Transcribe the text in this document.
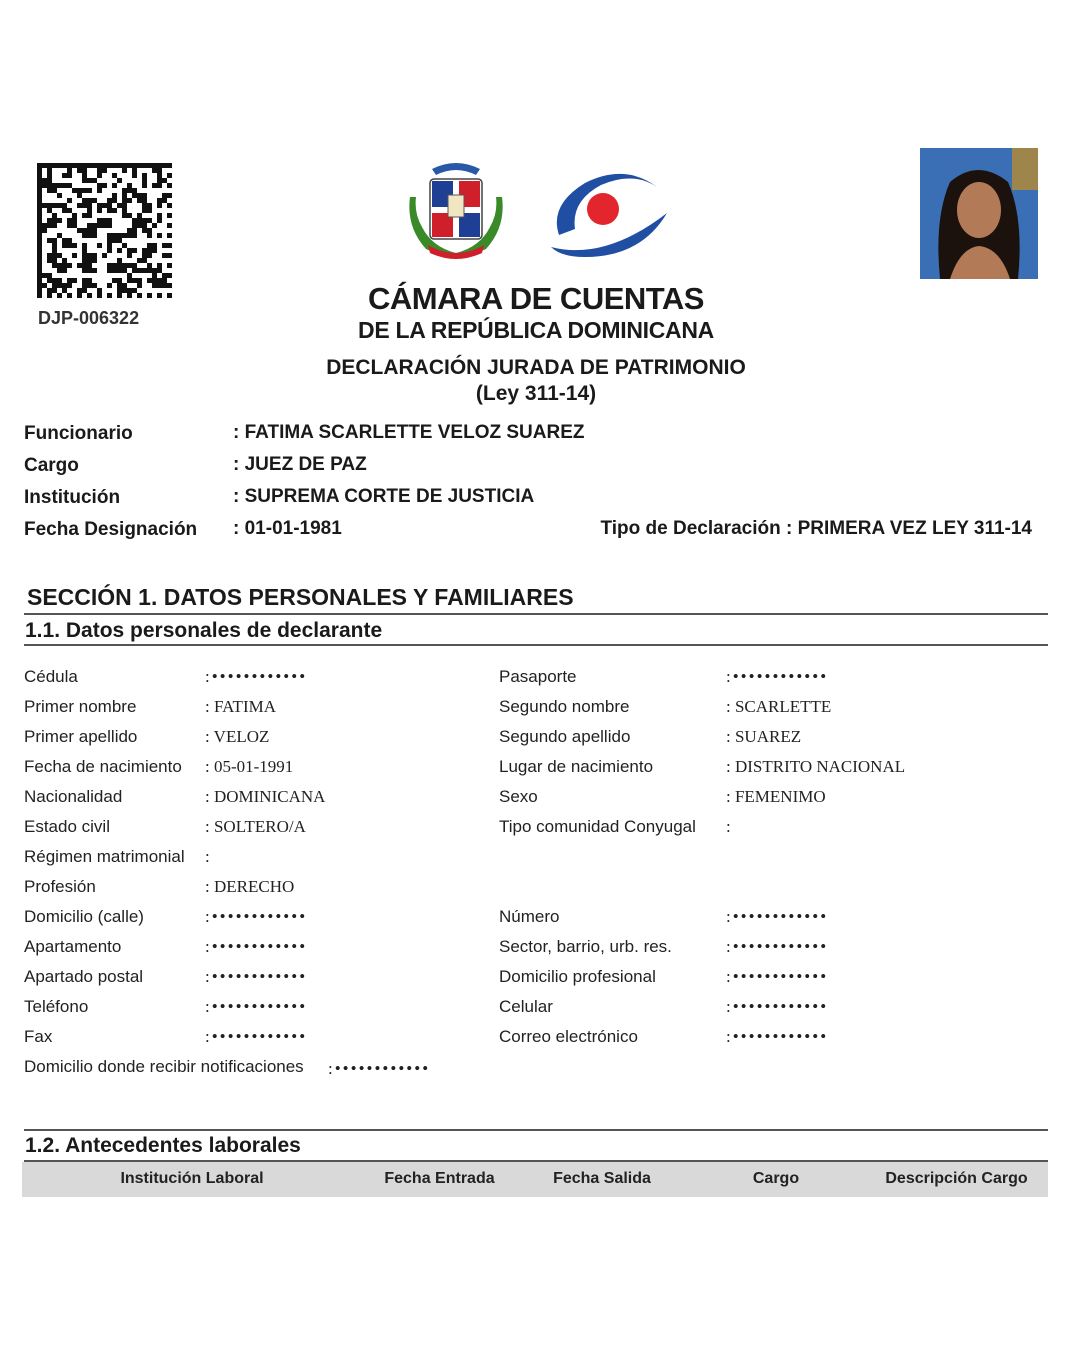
DJP-006322
CÁMARA DE CUENTAS
DE LA REPÚBLICA DOMINICANA
DECLARACIÓN JURADA DE PATRIMONIO
(Ley 311-14)
Funcionario	: FATIMA SCARLETTE VELOZ SUAREZ
Cargo	: JUEZ DE PAZ
Institución	: SUPREMA CORTE DE JUSTICIA
Fecha Designación : 01-01-1981	Tipo de Declaración : PRIMERA VEZ LEY 311-14
SECCIÓN 1. DATOS PERSONALES Y FAMILIARES
1.1. Datos personales de declarante
Cédula	:••••••••••••	Pasaporte	:••••••••••••
Primer nombre	: FATIMA	Segundo nombre	: SCARLETTE
Primer apellido	: VELOZ	Segundo apellido	: SUAREZ
Fecha de nacimiento : 05-01-1991	Lugar de nacimiento	: DISTRITO NACIONAL
Nacionalidad	: DOMINICANA	Sexo	: FEMENIMO
Estado civil	: SOLTERO/A	Tipo comunidad Conyugal :
Régimen matrimonial :
Profesión	: DERECHO
Domicilio (calle)	:••••••••••••	Número	:••••••••••••
Apartamento	:••••••••••••	Sector, barrio, urb. res.	:••••••••••••
Apartado postal	:••••••••••••	Domicilio profesional	:••••••••••••
Teléfono	:••••••••••••	Celular	:••••••••••••
Fax	:••••••••••••	Correo electrónico	:••••••••••••
Domicilio donde recibir notificaciones :••••••••••••
1.2. Antecedentes laborales
Institución Laboral	Fecha Entrada	Fecha Salida	Cargo	Descripción Cargo
